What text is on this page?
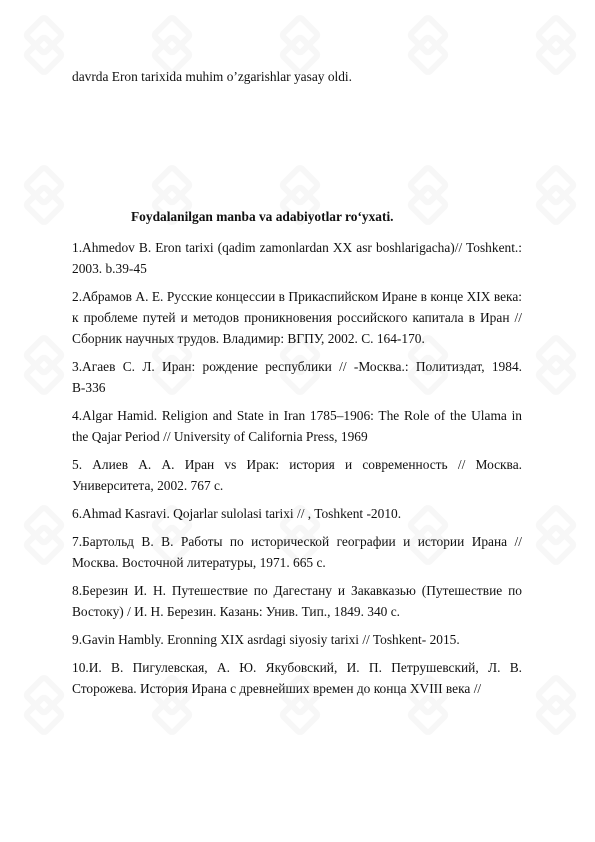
davrda Eron tarixida muhim o’zgarishlar yasay oldi.

Foydalanilgan manba va adabiyotlar ro‘yxati.

1.Ahmedov B. Eron tarixi (qadim zamonlardan XX asr boshlarigacha)// Toshkent.: 2003. b.39-45

2.Абрамов А. Е. Русские концессии в Прикаспийском Иране в конце XIX века: к проблеме путей и методов проникновения российского капитала в Иран // Сборник научных трудов. Владимир: ВГПУ, 2002. С. 164-170.

3.Агаев С. Л. Иран: рождение республики // -Москва.: Политиздат, 1984. В-336

4.Algar Hamid. Religion and State in Iran 1785–1906: The Role of the Ulama in the Qajar Period // University of California Press, 1969

5. Алиев А. А. Иран vs Ирак: история и современность // Москва. Университета, 2002. 767 с.

6.Ahmad Kasravi. Qojarlar sulolasi tarixi // , Toshkent -2010.

7.Бартольд В. В. Работы по исторической географии и истории Ирана // Москва. Восточной литературы, 1971. 665 с.

8.Березин И. Н. Путешествие по Дагестану и Закавказью (Путешествие по Востоку) / И. Н. Березин. Казань: Унив. Тип., 1849. 340 с.

9.Gavin Hambly. Eronning XIX asrdagi siyosiy tarixi // Toshkent- 2015.

10.И. В. Пигулевская, А. Ю. Якубовский, И. П. Петрушевский, Л. В. Сторожева. История Ирана с древнейших времен до конца XVIII века //
